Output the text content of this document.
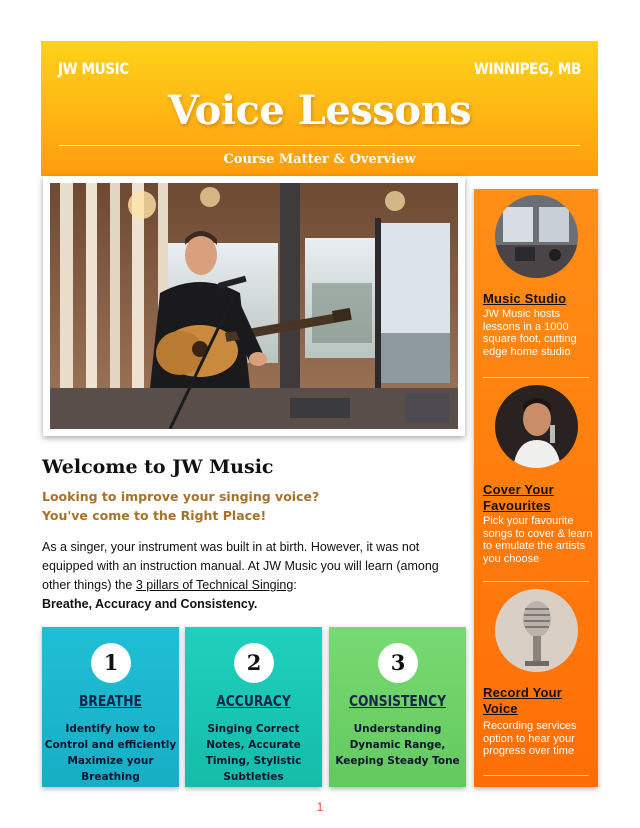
JW MUSIC	WINNIPEG, MB
Voice Lessons
Course Matter & Overview
Welcome to JW Music
Looking to improve your singing voice?
You've come to the Right Place!
As a singer, your instrument was built in at birth. However, it was not equipped with an instruction manual. At JW Music you will learn (among other things) the 3 pillars of Technical Singing:
Breathe, Accuracy and Consistency.
1
BREATHE
Identify how to Control and efficiently Maximize your Breathing
2
ACCURACY
Singing Correct Notes, Accurate Timing, Stylistic Subtleties
3
CONSISTENCY
Understanding Dynamic Range, Keeping Steady Tone
Music Studio
JW Music hosts lessons in a 1000 square foot, cutting edge home studio
Cover Your Favourites
Pick your favourite songs to cover & learn to emulate the artists you choose
Record Your Voice
Recording services option to hear your progress over time
1
